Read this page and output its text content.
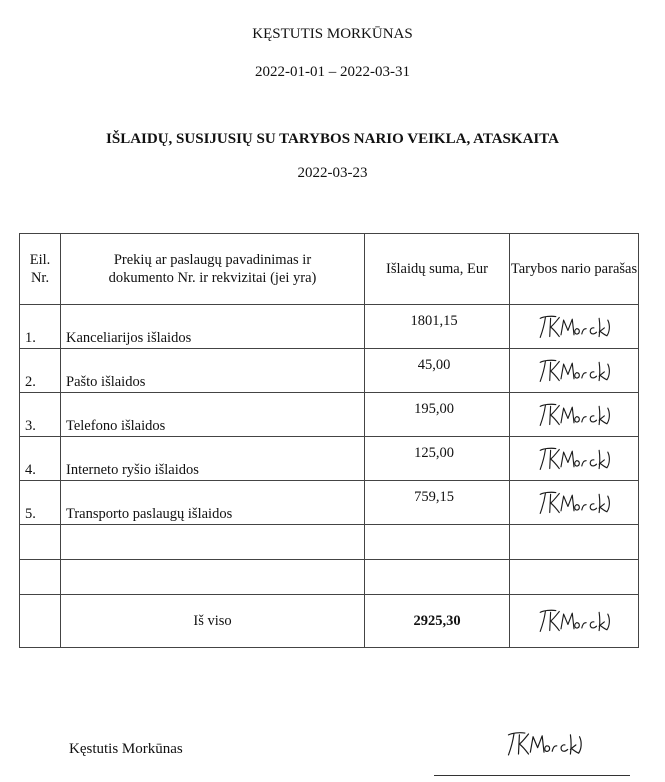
KĘSTUTIS MORKŪNAS
2022-01-01 – 2022-03-31
IŠLAIDŲ, SUSIJUSIŲ SU TARYBOS NARIO VEIKLA, ATASKAITA
2022-03-23
Eil. Nr.	Prekių ar paslaugų pavadinimas ir dokumento Nr. ir rekvizitai (jei yra)	Išlaidų suma, Eur	Tarybos nario parašas
1.	Kanceliarijos išlaidos	1801,15	

2.	Pašto išlaidos	45,00	

3.	Telefono išlaidos	195,00	

4.	Interneto ryšio išlaidos	125,00	

5.	Transporto paslaugų išlaidos	759,15	

	Iš viso	2925,30	
Kęstutis Morkūnas
